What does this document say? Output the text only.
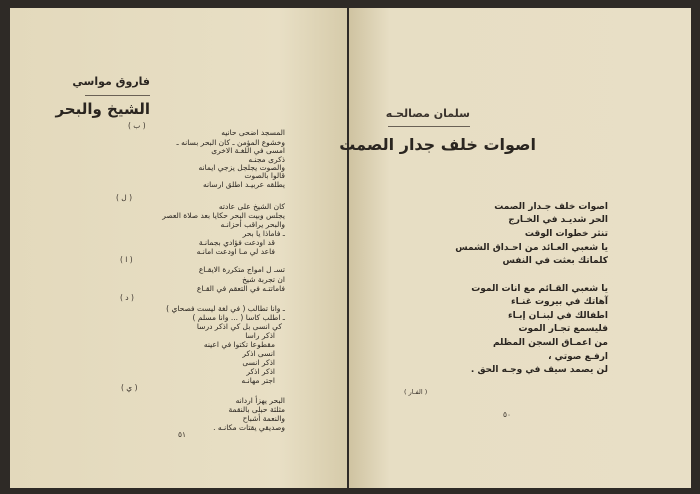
فاروق مواسي
الشيخ والبحر
( ب )
المسجد اضحى حانيه
وخشوع المؤمن ـ كان البحر بسانه ـ
امسى في اللغـة الاخرى
ذكرى مجنـه
والصوت يجلجل يزجي ايمانه
قالوا بالصوت
يطلقه عربيـد اطلق ارسانه
( ل )
كان الشيخ على عادته
يجلس وبيت البحر حكايا بعد صلاة العصر
والبحر يراقب أحزانـه
ـ فاماذا يا بحر
قد اودعت فؤادي بجمانـة
فاعد لي مـا اودعت امانـه
( ا )
تسـ ل امواج متكررة الايقـاع
ان تجربة شيخ
فاماتتـه في التعقم في القـاع
( د )
ـ وانا تطالب ( في لغة ليست فصحاي )
ـ اطلب كاسا ( ... وانا مسلم )
كي انسى بل كي اذكر درسا
اذكر راسا
مقطوعا تكتوا في اعينه
انسى اذكر
اذكر انسى
اذكر اذكر
اجتر مهانـه
( ي )
البحر يهزأ اردانه
مثلثة حبلى بالنقمة
والنعمة أشباح
وصديقي يقتات مكانـه .
٥١
سلمان مصالحـه
اصوات خلف جدار الصمت
اصوات خلف جـدار الصمت
الحر شديـد في الخـارج
تنثر خطوات الوقت
يا شعبي العـائد من احـداق الشمس
كلماتك بعثت في النفس
يا شعبي القـائم مع انات الموت
آهاتك في بيروت غنـاء
اطفالك في لبنـان إبـاء
فليسمع تجـار الموت
من اعمـاق السجن المظلم
ارفـع صوتي ،
لن يصمد سيف في وجـه الحق .
( الفـار )
٥٠
